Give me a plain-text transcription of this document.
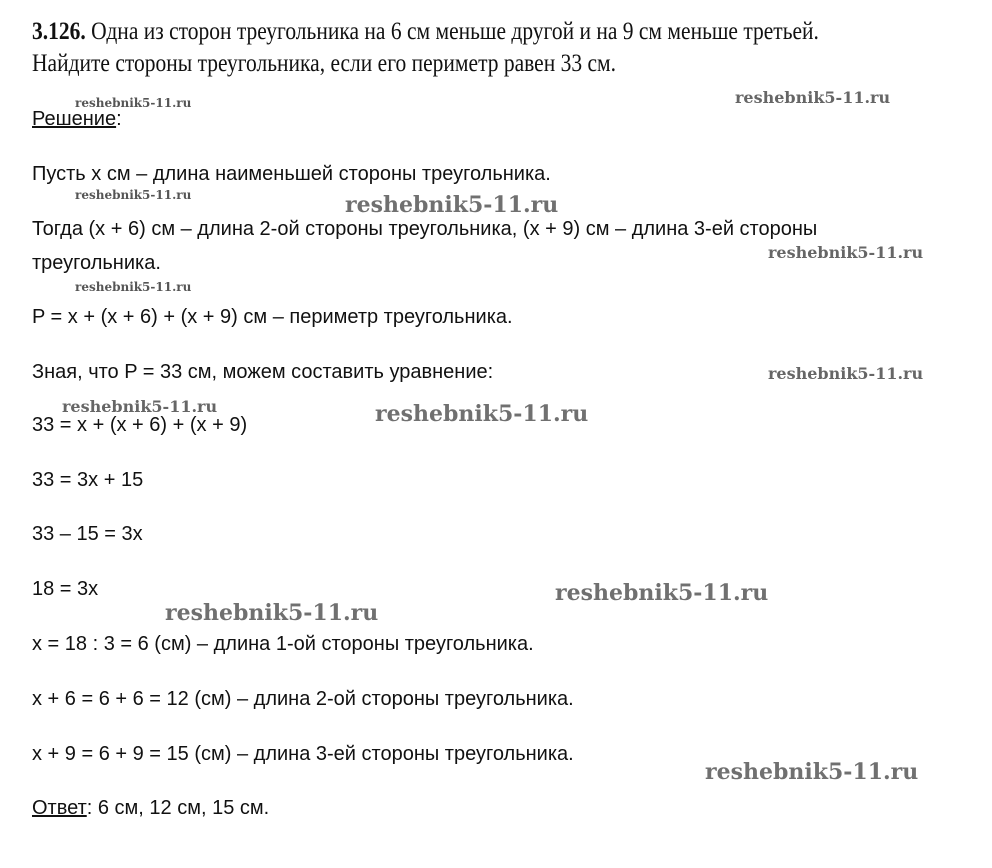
3.126. Одна из сторон треугольника на 6 см меньше другой и на 9 см меньше третьей.
Найдите стороны треугольника, если его периметр равен 33 см.
Решение:
Пусть х см – длина наименьшей стороны треугольника.
Тогда (х + 6) см – длина 2-ой стороны треугольника, (х + 9) см – длина 3-ей стороны
треугольника.
P = х + (х + 6) + (х + 9) см – периметр треугольника.
Зная, что P = 33 см, можем составить уравнение:
33 = х + (х + 6) + (х + 9)
33 = 3х + 15
33 – 15 = 3х
18 = 3х
х = 18 : 3 = 6 (см) – длина 1-ой стороны треугольника.
х + 6 = 6 + 6 = 12 (см) – длина 2-ой стороны треугольника.
х + 9 = 6 + 9 = 15 (см) – длина 3-ей стороны треугольника.
Ответ: 6 см, 12 см, 15 см.
reshebnik5-11.ru
reshebnik5-11.ru
reshebnik5-11.ru
reshebnik5-11.ru
reshebnik5-11.ru
reshebnik5-11.ru
reshebnik5-11.ru
reshebnik5-11.ru
reshebnik5-11.ru
reshebnik5-11.ru
reshebnik5-11.ru
reshebnik5-11.ru
